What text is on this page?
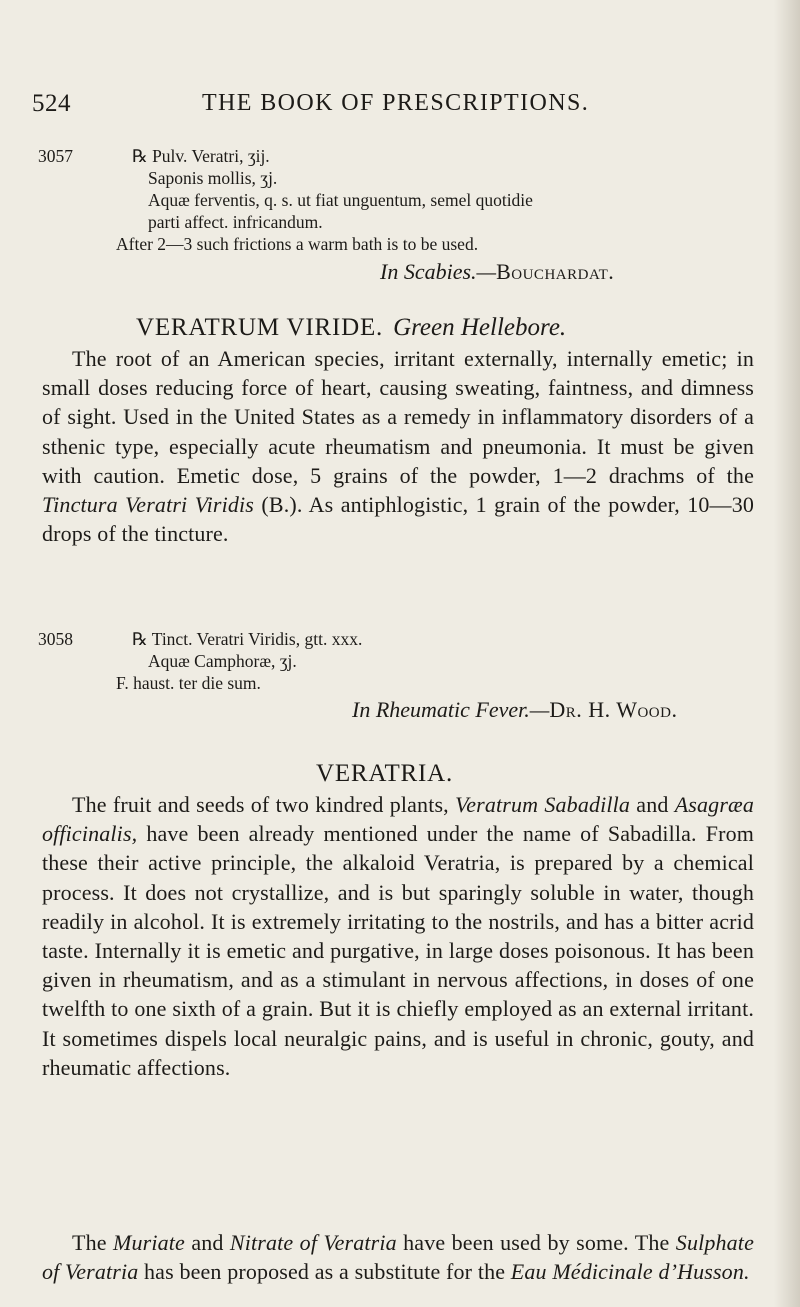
524	THE BOOK OF PRESCRIPTIONS.
3057	℞ Pulv. Veratri, ʒij.
Saponis mollis, ʒj.
Aquæ ferventis, q. s. ut fiat unguentum, semel quotidie
parti affect. infricandum.
After 2—3 such frictions a warm bath is to be used.
In Scabies.—Bouchardat.
VERATRUM VIRIDE. Green Hellebore.

The root of an American species, irritant externally, internally emetic; in small doses reducing force of heart, causing sweating, faintness, and dimness of sight. Used in the United States as a remedy in inflammatory disorders of a sthenic type, especially acute rheumatism and pneumonia. It must be given with caution. Emetic dose, 5 grains of the powder, 1—2 drachms of the Tinctura Veratri Viridis (B.). As antiphlogistic, 1 grain of the powder, 10—30 drops of the tincture.

3058	℞ Tinct. Veratri Viridis, gtt. xxx.
Aquæ Camphoræ, ʒj.
F. haust. ter die sum.
In Rheumatic Fever.—Dr. H. Wood.
VERATRIA.

The fruit and seeds of two kindred plants, Veratrum Sabadilla and Asagræa officinalis, have been already mentioned under the name of Sabadilla. From these their active principle, the alkaloid Veratria, is prepared by a chemical process. It does not crystallize, and is but sparingly soluble in water, though readily in alcohol. It is extremely irritating to the nostrils, and has a bitter acrid taste. Internally it is emetic and purgative, in large doses poisonous. It has been given in rheumatism, and as a stimulant in nervous affections, in doses of one twelfth to one sixth of a grain. But it is chiefly employed as an external irritant. It sometimes dispels local neuralgic pains, and is useful in chronic, gouty, and rheumatic affections.

The Muriate and Nitrate of Veratria have been used by some. The Sulphate of Veratria has been proposed as a substitute for the Eau Médicinale d’Husson.
